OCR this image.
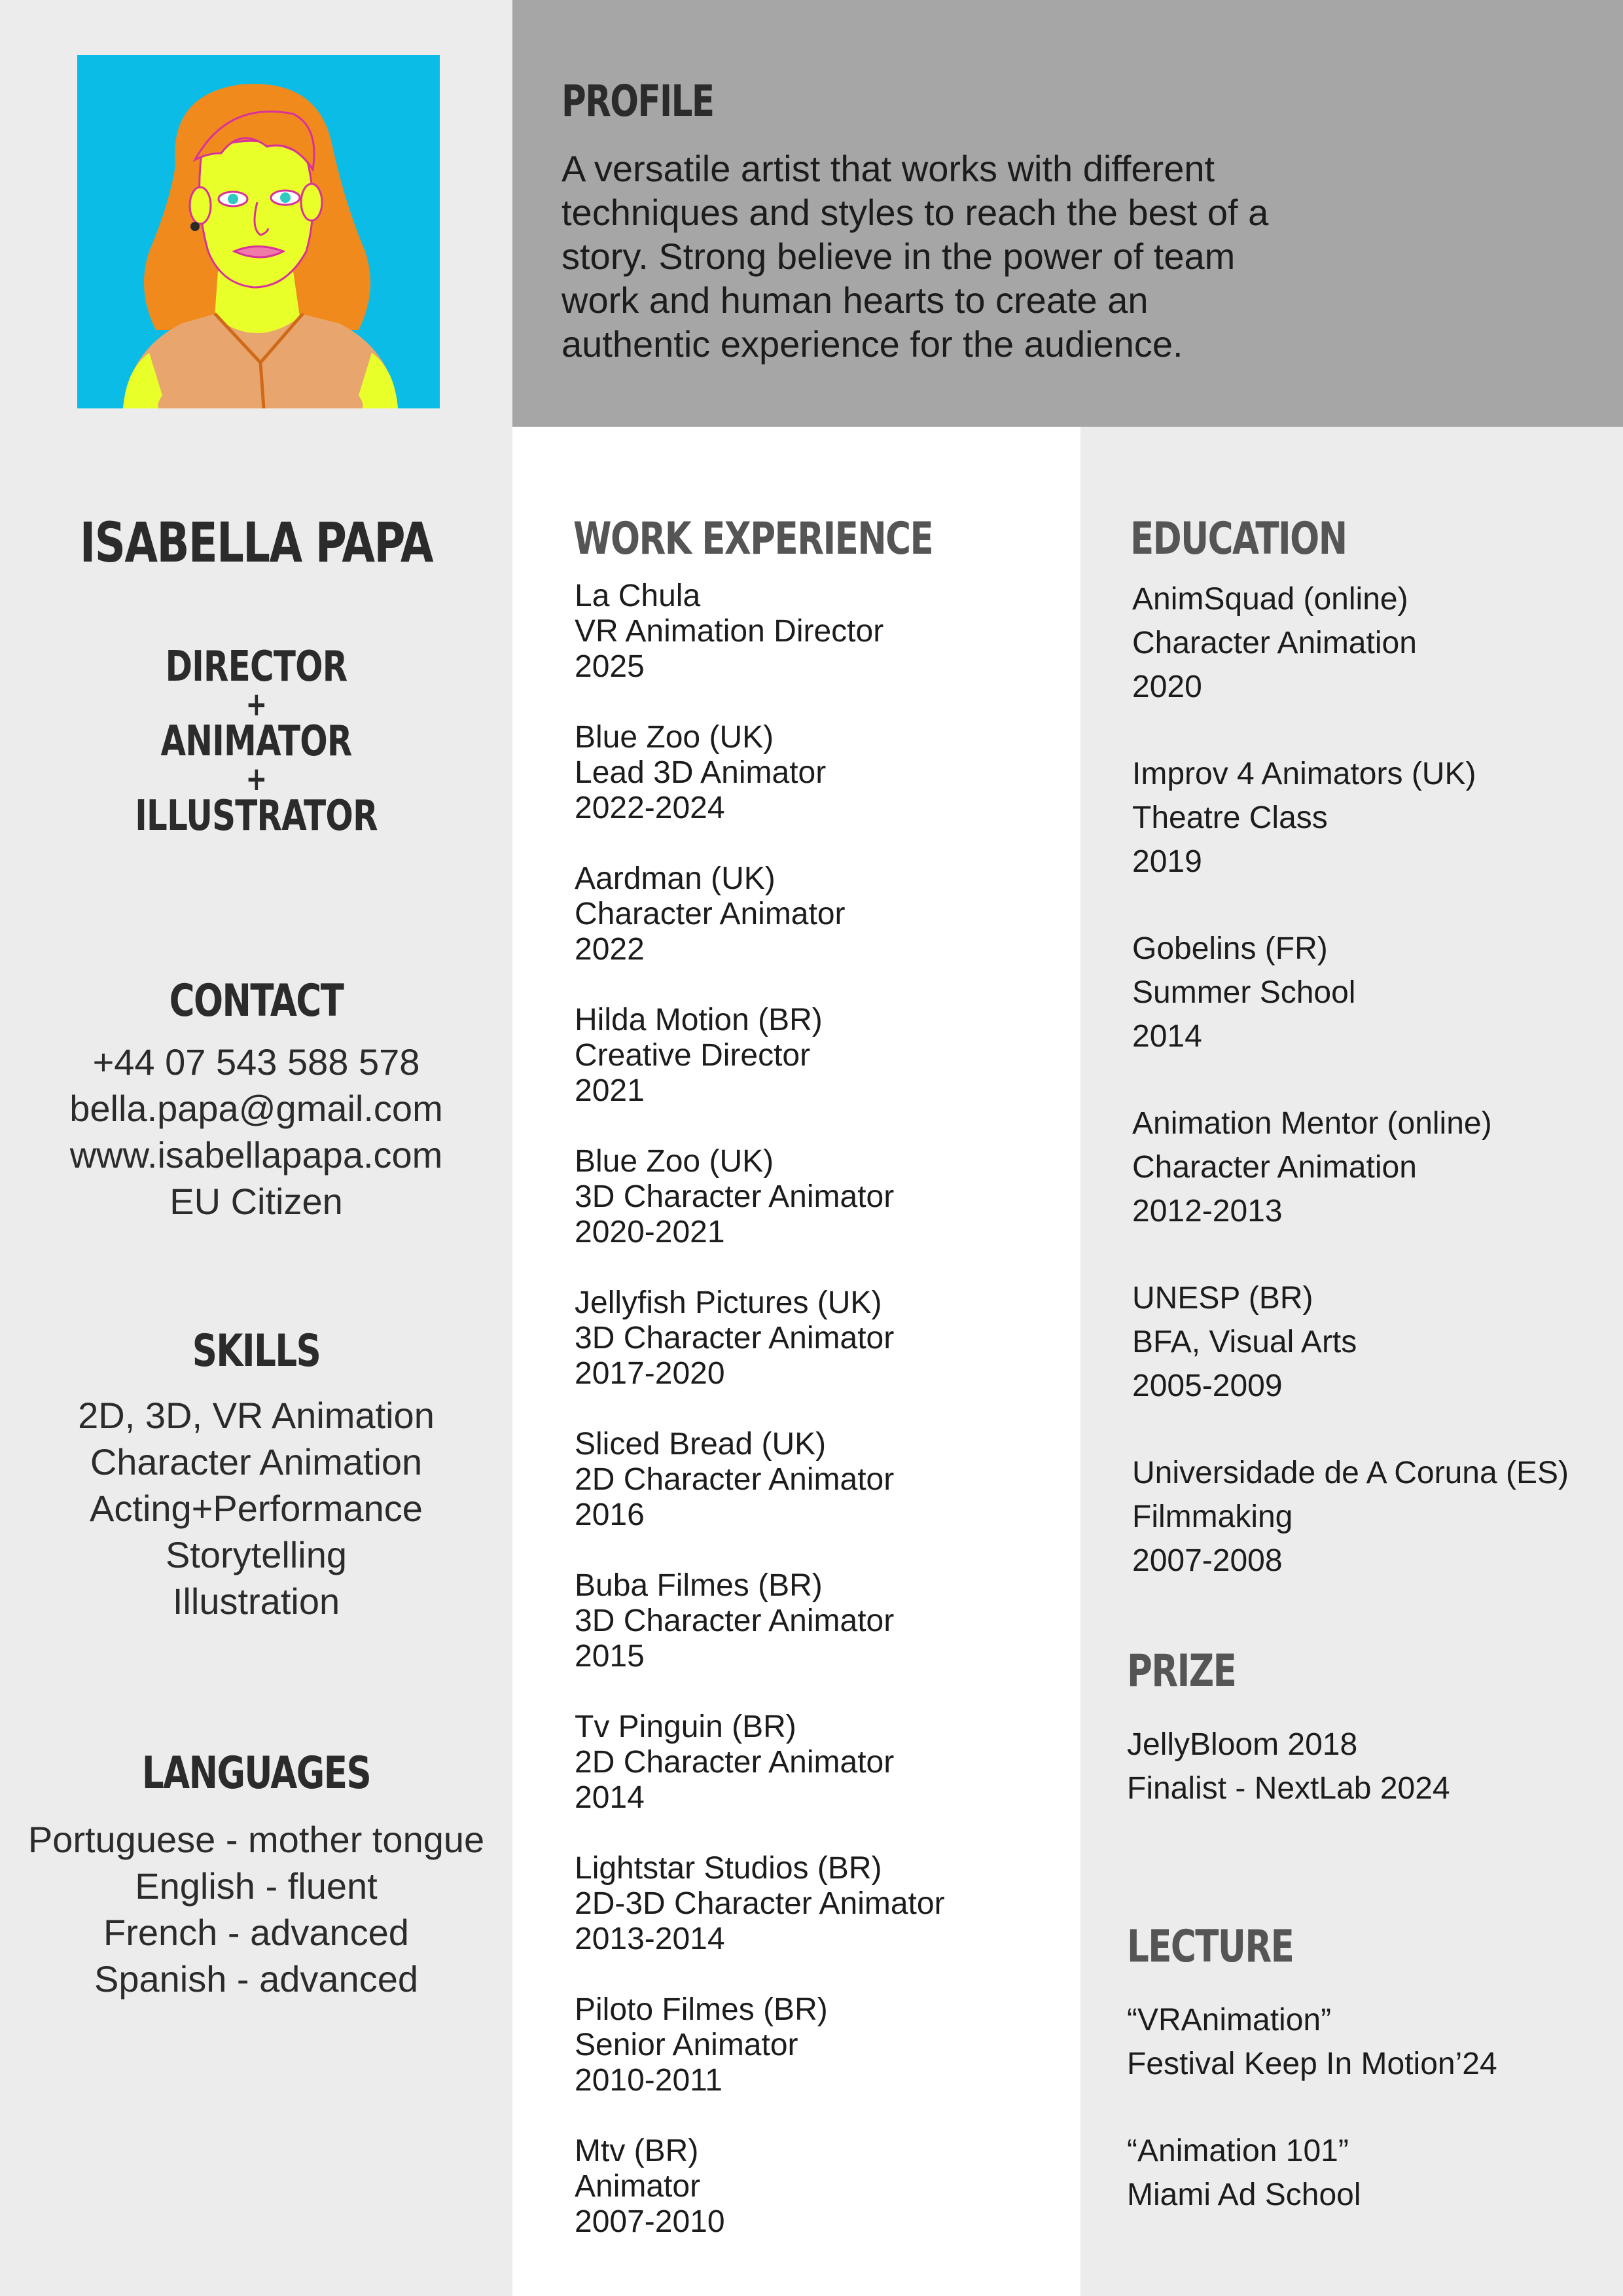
ISABELLA PAPA
DIRECTOR
+
ANIMATOR
+
ILLUSTRATOR
CONTACT
+44 07 543 588 578
bella.papa@gmail.com
www.isabellapapa.com
EU Citizen
SKILLS
2D, 3D, VR Animation
Character Animation
Acting+Performance
Storytelling
Illustration
LANGUAGES
Portuguese - mother tongue
English - fluent
French - advanced
Spanish - advanced
PROFILE
A versatile artist that works with different
techniques and styles to reach the best of a
story. Strong believe in the power of team
work and human hearts to create an
authentic experience for the audience.
WORK EXPERIENCE
La Chula
VR Animation Director
2025
Blue Zoo (UK)
Lead 3D Animator
2022-2024
Aardman (UK)
Character Animator
2022
Hilda Motion (BR)
Creative Director
2021
Blue Zoo (UK)
3D Character Animator
2020-2021
Jellyfish Pictures (UK)
3D Character Animator
2017-2020
Sliced Bread (UK)
2D Character Animator
2016
Buba Filmes (BR)
3D Character Animator
2015
Tv Pinguin (BR)
2D Character Animator
2014
Lightstar Studios (BR)
2D-3D Character Animator
2013-2014
Piloto Filmes (BR)
Senior Animator
2010-2011
Mtv (BR)
Animator
2007-2010
EDUCATION
AnimSquad (online)
Character Animation
2020
Improv 4 Animators (UK)
Theatre Class
2019
Gobelins (FR)
Summer School
2014
Animation Mentor (online)
Character Animation
2012-2013
UNESP (BR)
BFA, Visual Arts
2005-2009
Universidade de A Coruna (ES)
Filmmaking
2007-2008
PRIZE
JellyBloom 2018
Finalist - NextLab 2024
LECTURE
“VRAnimation”
Festival Keep In Motion’24
“Animation 101”
Miami Ad School
